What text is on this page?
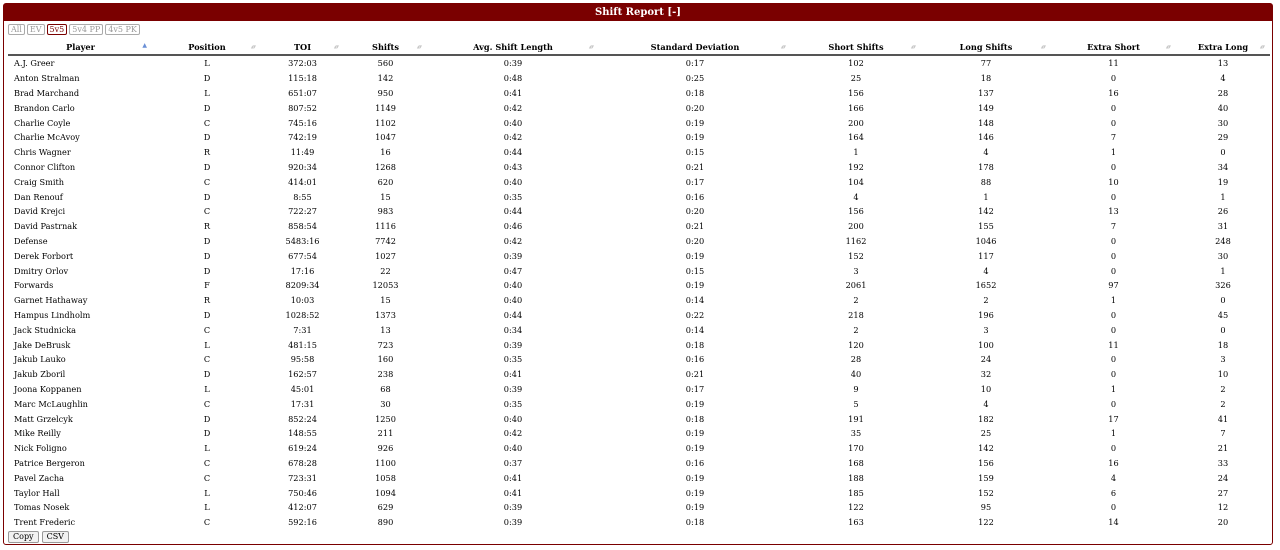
Shift Report [-]
All	EV	5v5	5v4 PP	4v5 PK
Player ▲	Position ▲▼	TOI ▲▼	Shifts ▲▼	Avg. Shift Length ▲▼	Standard Deviation ▲▼	Short Shifts ▲▼	Long Shifts ▲▼	Extra Short ▲▼	Extra Long ▲▼

A.J. Greer	L	372:03	560	0:39	0:17	102	77	11	13
Anton Stralman	D	115:18	142	0:48	0:25	25	18	0	4
Brad Marchand	L	651:07	950	0:41	0:18	156	137	16	28
Brandon Carlo	D	807:52	1149	0:42	0:20	166	149	0	40
Charlie Coyle	C	745:16	1102	0:40	0:19	200	148	0	30
Charlie McAvoy	D	742:19	1047	0:42	0:19	164	146	7	29
Chris Wagner	R	11:49	16	0:44	0:15	1	4	1	0
Connor Clifton	D	920:34	1268	0:43	0:21	192	178	0	34
Craig Smith	C	414:01	620	0:40	0:17	104	88	10	19
Dan Renouf	D	8:55	15	0:35	0:16	4	1	0	1
David Krejci	C	722:27	983	0:44	0:20	156	142	13	26
David Pastrnak	R	858:54	1116	0:46	0:21	200	155	7	31
Defense	D	5483:16	7742	0:42	0:20	1162	1046	0	248
Derek Forbort	D	677:54	1027	0:39	0:19	152	117	0	30
Dmitry Orlov	D	17:16	22	0:47	0:15	3	4	0	1
Forwards	F	8209:34	12053	0:40	0:19	2061	1652	97	326
Garnet Hathaway	R	10:03	15	0:40	0:14	2	2	1	0
Hampus Lindholm	D	1028:52	1373	0:44	0:22	218	196	0	45
Jack Studnicka	C	7:31	13	0:34	0:14	2	3	0	0
Jake DeBrusk	L	481:15	723	0:39	0:18	120	100	11	18
Jakub Lauko	C	95:58	160	0:35	0:16	28	24	0	3
Jakub Zboril	D	162:57	238	0:41	0:21	40	32	0	10
Joona Koppanen	L	45:01	68	0:39	0:17	9	10	1	2
Marc McLaughlin	C	17:31	30	0:35	0:19	5	4	0	2
Matt Grzelcyk	D	852:24	1250	0:40	0:18	191	182	17	41
Mike Reilly	D	148:55	211	0:42	0:19	35	25	1	7
Nick Foligno	L	619:24	926	0:40	0:19	170	142	0	21
Patrice Bergeron	C	678:28	1100	0:37	0:16	168	156	16	33
Pavel Zacha	C	723:31	1058	0:41	0:19	188	159	4	24
Taylor Hall	L	750:46	1094	0:41	0:19	185	152	6	27
Tomas Nosek	L	412:07	629	0:39	0:19	122	95	0	12
Trent Frederic	C	592:16	890	0:39	0:18	163	122	14	20
Copy	CSV
